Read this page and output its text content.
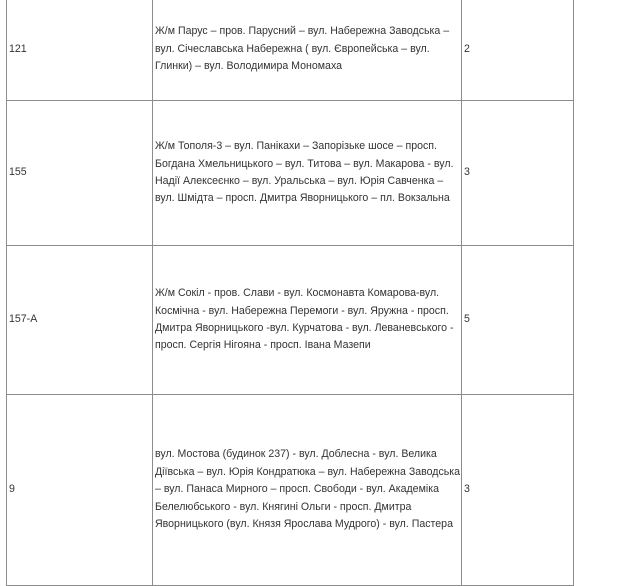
121	Ж/м Парус – пров. Парусний – вул. Набережна Заводська – вул. Січеславська Набережна ( вул. Європейська – вул. Глинки) – вул. Володимира Мономаха	2
155	Ж/м Тополя-3 – вул. Панікахи – Запорізьке шосе – просп. Богдана Хмельницького – вул. Титова – вул. Макарова - вул. Надії Алексеєнко – вул. Уральська – вул. Юрія Савченка – вул. Шмідта – просп. Дмитра Яворницького – пл. Вокзальна	3
157-А	Ж/м Сокіл - пров. Слави - вул. Космонавта Комарова-вул. Космічна - вул. Набережна Перемоги - вул. Яружна - просп. Дмитра Яворницького -вул. Курчатова - вул. Леваневського - просп. Сергія Нігояна - просп. Івана Мазепи	5
9	вул. Мостова (будинок 237) - вул. Доблесна - вул. Велика Діївська – вул. Юрія Кондратюка – вул. Набережна Заводська – вул. Панаса Мирного – просп. Свободи - вул. Академіка Белелюбського - вул. Княгині Ольги - просп. Дмитра Яворницького (вул. Князя Ярослава Мудрого) - вул. Пастера	3
